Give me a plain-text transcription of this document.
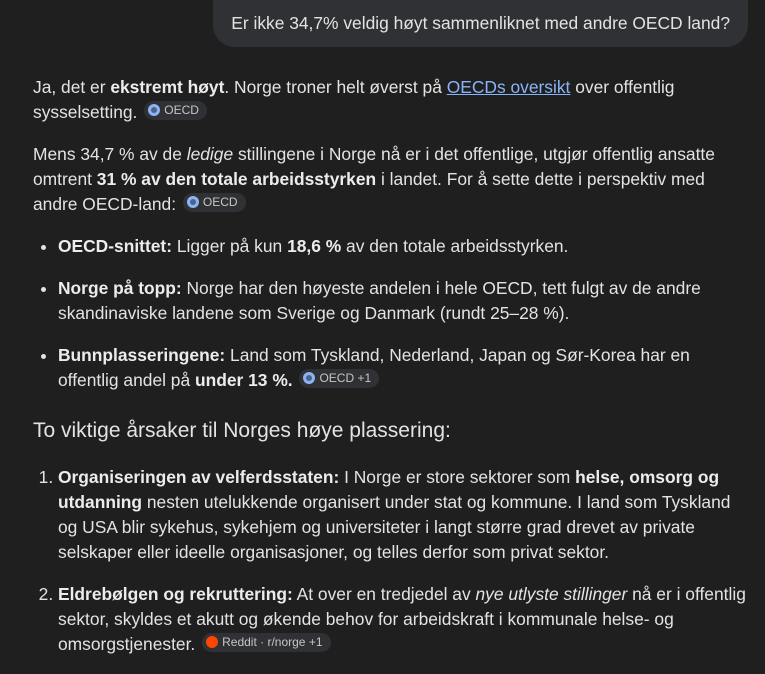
Er ikke 34,7% veldig høyt sammenliknet med andre OECD land?

Ja, det er ekstremt høyt. Norge troner helt øverst på OECDs oversikt over offentlig sysselsetting. OECD

Mens 34,7 % av de ledige stillingene i Norge nå er i det offentlige, utgjør offentlig ansatte omtrent 31 % av den totale arbeidsstyrken i landet. For å sette dette i perspektiv med andre OECD-land: OECD

• OECD-snittet: Ligger på kun 18,6 % av den totale arbeidsstyrken.
• Norge på topp: Norge har den høyeste andelen i hele OECD, tett fulgt av de andre skandinaviske landene som Sverige og Danmark (rundt 25–28 %).
• Bunnplasseringene: Land som Tyskland, Nederland, Japan og Sør-Korea har en offentlig andel på under 13 %. OECD +1
To viktige årsaker til Norges høye plassering:
1. Organiseringen av velferdsstaten: I Norge er store sektorer som helse, omsorg og utdanning nesten utelukkende organisert under stat og kommune. I land som Tyskland og USA blir sykehus, sykehjem og universiteter i langt større grad drevet av private selskaper eller ideelle organisasjoner, og telles derfor som privat sektor.
2. Eldrebølgen og rekruttering: At over en tredjedel av nye utlyste stillinger nå er i offentlig sektor, skyldes et akutt og økende behov for arbeidskraft i kommunale helse- og omsorgstjenester. Reddit · r/norge +1
